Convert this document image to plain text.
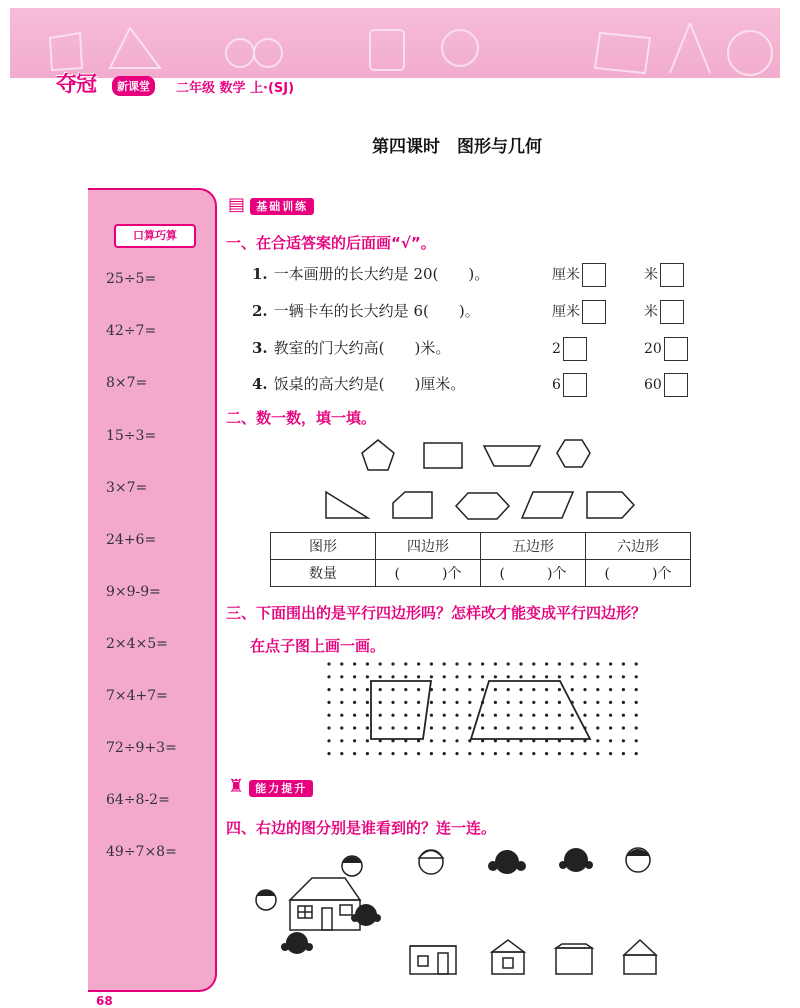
夺冠	新课堂	二年级 数学 上·(SJ)
第四课时　图形与几何
口算巧算
25÷5=
42÷7=
8×7=
15÷3=
3×7=
24+6=
9×9-9=
2×4×5=
7×4+7=
72÷9+3=
64÷8-2=
49÷7×8=
▤ 基础训练
一、在合适答案的后面画“√”。
1. 一本画册的长大约是 20(　　)。	厘米	米
2. 一辆卡车的长大约是 6(　　)。	厘米	米
3. 教室的门大约高(　　)米。	2	20
4. 饭桌的高大约是(　　)厘米。	6	60
二、数一数，填一填。
图形	四边形	五边形	六边形
数量	(　　　)个	(　　　)个	(　　　)个
三、下面围出的是平行四边形吗？怎样改才能变成平行四边形？
在点子图上画一画。
♜ 能力提升
四、右边的图分别是谁看到的？连一连。
68
